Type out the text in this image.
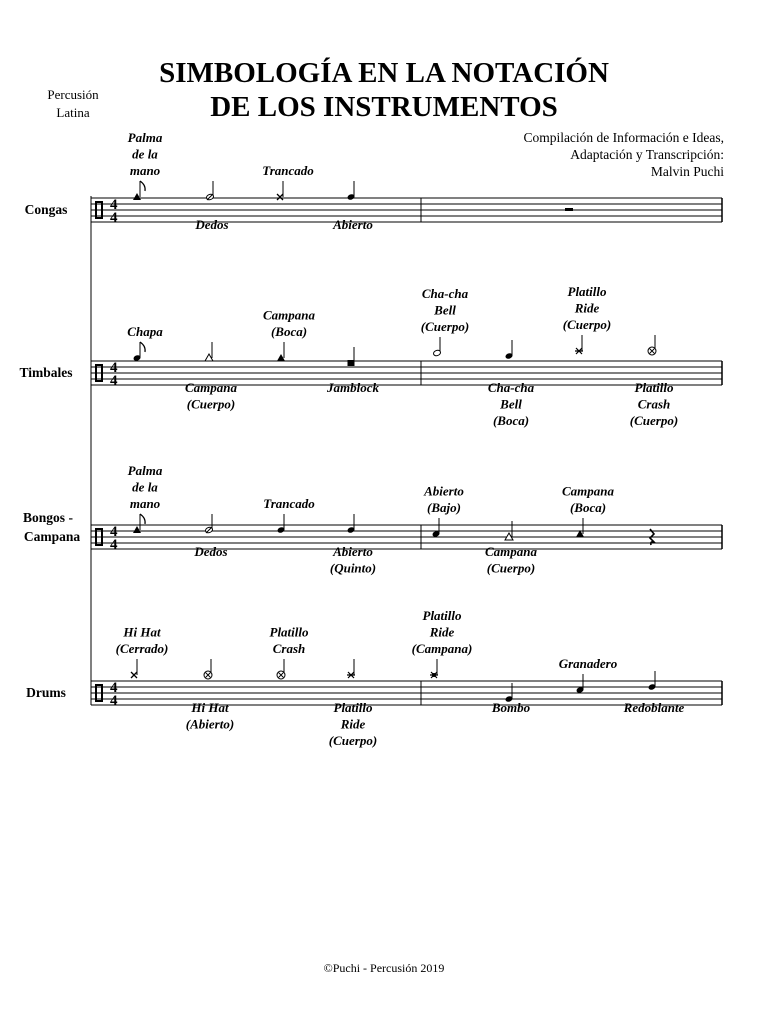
SIMBOLOGÍA EN LA NOTACIÓN
DE LOS INSTRUMENTOS
Percusión
Latina
Compilación de Información e Ideas,
Adaptación y Transcripción:
Malvin Puchi
4
4
Congas
Palma
de la
mano
Dedos
Trancado
Abierto
4
4
Timbales
Chapa
Campana
(Cuerpo)
Campana
(Boca)
Jamblock
Cha-cha
Bell
(Cuerpo)
Cha-cha
Bell
(Boca)
Platillo
Ride
(Cuerpo)
Platillo
Crash
(Cuerpo)
4
4
Bongos -
Campana
Palma
de la
mano
Dedos
Trancado
Abierto
(Quinto)
Abierto
(Bajo)
Campana
(Cuerpo)
Campana
(Boca)
4
4
Drums
Hi Hat
(Cerrado)
Hi Hat
(Abierto)
Platillo
Crash
Platillo
Ride
(Cuerpo)
Platillo
Ride
(Campana)
Bombo
Granadero
Redoblante
©Puchi - Percusión 2019
